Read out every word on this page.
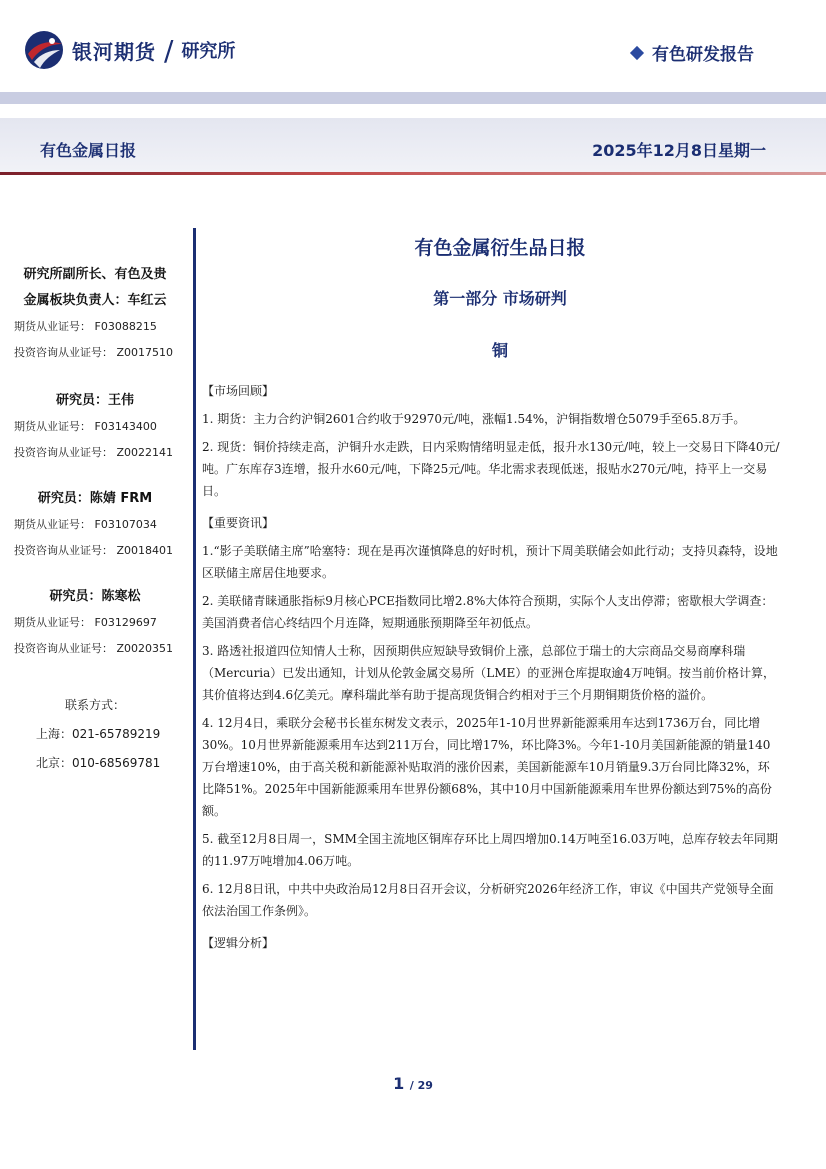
银河期货 / 研究所	有色研发报告
有色金属日报	2025年12月8日星期一
研究所副所长、有色及贵
金属板块负责人：车红云
期货从业证号： F03088215
投资咨询从业证号： Z0017510
研究员：王伟
期货从业证号： F03143400
投资咨询从业证号： Z0022141
研究员：陈婧 FRM
期货从业证号： F03107034
投资咨询从业证号： Z0018401
研究员：陈寒松
期货从业证号： F03129697
投资咨询从业证号： Z0020351
联系方式：
上海：021-65789219
北京：010-68569781
有色金属衍生品日报
第一部分 市场研判
铜
【市场回顾】

1. 期货：主力合约沪铜2601合约收于92970元/吨，涨幅1.54%，沪铜指数增仓5079手至65.8万手。

2. 现货：铜价持续走高，沪铜升水走跌，日内采购情绪明显走低，报升水130元/吨，较上一交易日下降40元/吨。广东库存3连增，报升水60元/吨，下降25元/吨。华北需求表现低迷，报贴水270元/吨，持平上一交易日。

【重要资讯】

1.“影子美联储主席”哈塞特：现在是再次谨慎降息的好时机，预计下周美联储会如此行动；支持贝森特，设地区联储主席居住地要求。

2. 美联储青睐通胀指标9月核心PCE指数同比增2.8%大体符合预期，实际个人支出停滞；密歇根大学调查：美国消费者信心终结四个月连降，短期通胀预期降至年初低点。

3. 路透社报道四位知情人士称，因预期供应短缺导致铜价上涨，总部位于瑞士的大宗商品交易商摩科瑞（Mercuria）已发出通知，计划从伦敦金属交易所（LME）的亚洲仓库提取逾4万吨铜。按当前价格计算，其价值将达到4.6亿美元。摩科瑞此举有助于提高现货铜合约相对于三个月期铜期货价格的溢价。

4. 12月4日，乘联分会秘书长崔东树发文表示，2025年1-10月世界新能源乘用车达到1736万台，同比增30%。10月世界新能源乘用车达到211万台，同比增17%，环比降3%。今年1-10月美国新能源的销量140万台增速10%，由于高关税和新能源补贴取消的涨价因素，美国新能源车10月销量9.3万台同比降32%，环比降51%。2025年中国新能源乘用车世界份额68%，其中10月中国新能源乘用车世界份额达到75%的高份额。

5. 截至12月8日周一，SMM全国主流地区铜库存环比上周四增加0.14万吨至16.03万吨，总库存较去年同期的11.97万吨增加4.06万吨。

6. 12月8日讯，中共中央政治局12月8日召开会议，分析研究2026年经济工作，审议《中国共产党领导全面依法治国工作条例》。

【逻辑分析】
1 / 29
